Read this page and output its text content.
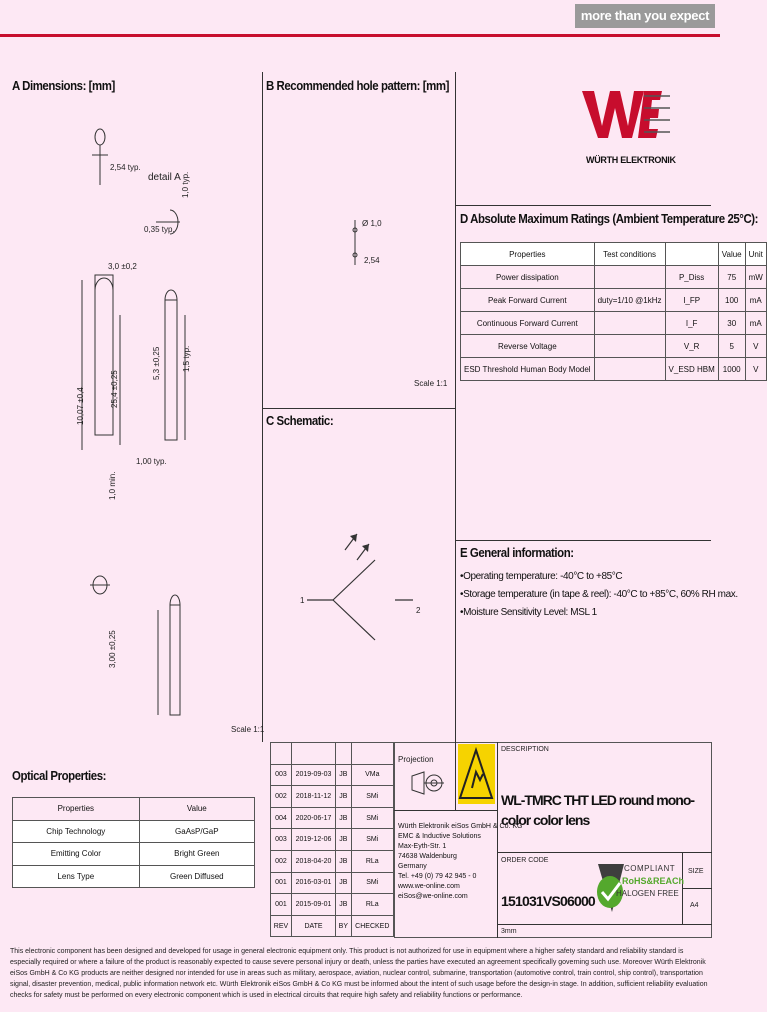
more than you expect
A Dimensions: [mm]
2,54 typ.
detail A 1,0 typ.
0,35 typ.
3,0 ±0,2
10,07 ±0,4	25,4 ±0,25
5,3 ±0,25	1,5 typ.
1,0 min.
1,00 typ.
3,00 ±0,25
Scale 1:1
B Recommended hole pattern: [mm]
Ø 1,0
2,54
Scale 1:1
WÜRTH ELEKTRONIK
D Absolute Maximum Ratings (Ambient Temperature 25°C):
Properties	Test conditions		Value	Unit
Power dissipation		P_Diss	75	mW
Peak Forward Current	duty=1/10 @1kHz	I_FP	100	mA
Continuous Forward Current		I_F	30	mA
Reverse Voltage		V_R	5	V
ESD Threshold Human Body Model		V_ESD HBM	1000	V
C Schematic:
1
2
E General information:
•Operating temperature: -40°C to +85°C
•Storage temperature (in tape & reel): -40°C to +85°C, 60% RH max.
•Moisture Sensitivity Level: MSL 1
Optical Properties:
Properties	Value
Chip Technology	GaAsP/GaP
Emitting Color	Bright Green
Lens Type	Green Diffused

003	2019-09-03	JB	VMa
002	2018-11-12	JB	SMi
004	2020-06-17	JB	SMi
003	2019-12-06	JB	SMi
002	2018-04-20	JB	RLa
001	2016-03-01	JB	SMi
001	2015-09-01	JB	RLa
REV	DATE	BY	CHECKED
Projection
Würth Elektronik eiSos GmbH & Co. KG
EMC & Inductive Solutions
Max-Eyth-Str. 1
74638 Waldenburg
Germany
Tel. +49 (0) 79 42 945 - 0
www.we-online.com
eiSos@we-online.com
DESCRIPTION
WL-TMRC THT LED round mono-color color lens
ORDER CODE
151031VS06000
3mm
SIZE
A4
COMPLIANT
RoHS&REACh
HALOGEN FREE
This electronic component has been designed and developed for usage in general electronic equipment only. This product is not authorized for use in equipment where a higher safety standard and reliability standard is especially required or where a failure of the product is reasonably expected to cause severe personal injury or death, unless the parties have executed an agreement specifically governing such use. Moreover Würth Elektronik eiSos GmbH & Co KG products are neither designed nor intended for use in areas such as military, aerospace, aviation, nuclear control, submarine, transportation (automotive control, train control, ship control), transportation signal, disaster prevention, medical, public information network etc. Würth Elektronik eiSos GmbH & Co KG must be informed about the intent of such usage before the design-in stage. In addition, sufficient reliability evaluation checks for safety must be performed on every electronic component which is used in electrical circuits that require high safety and reliability functions or performance.
